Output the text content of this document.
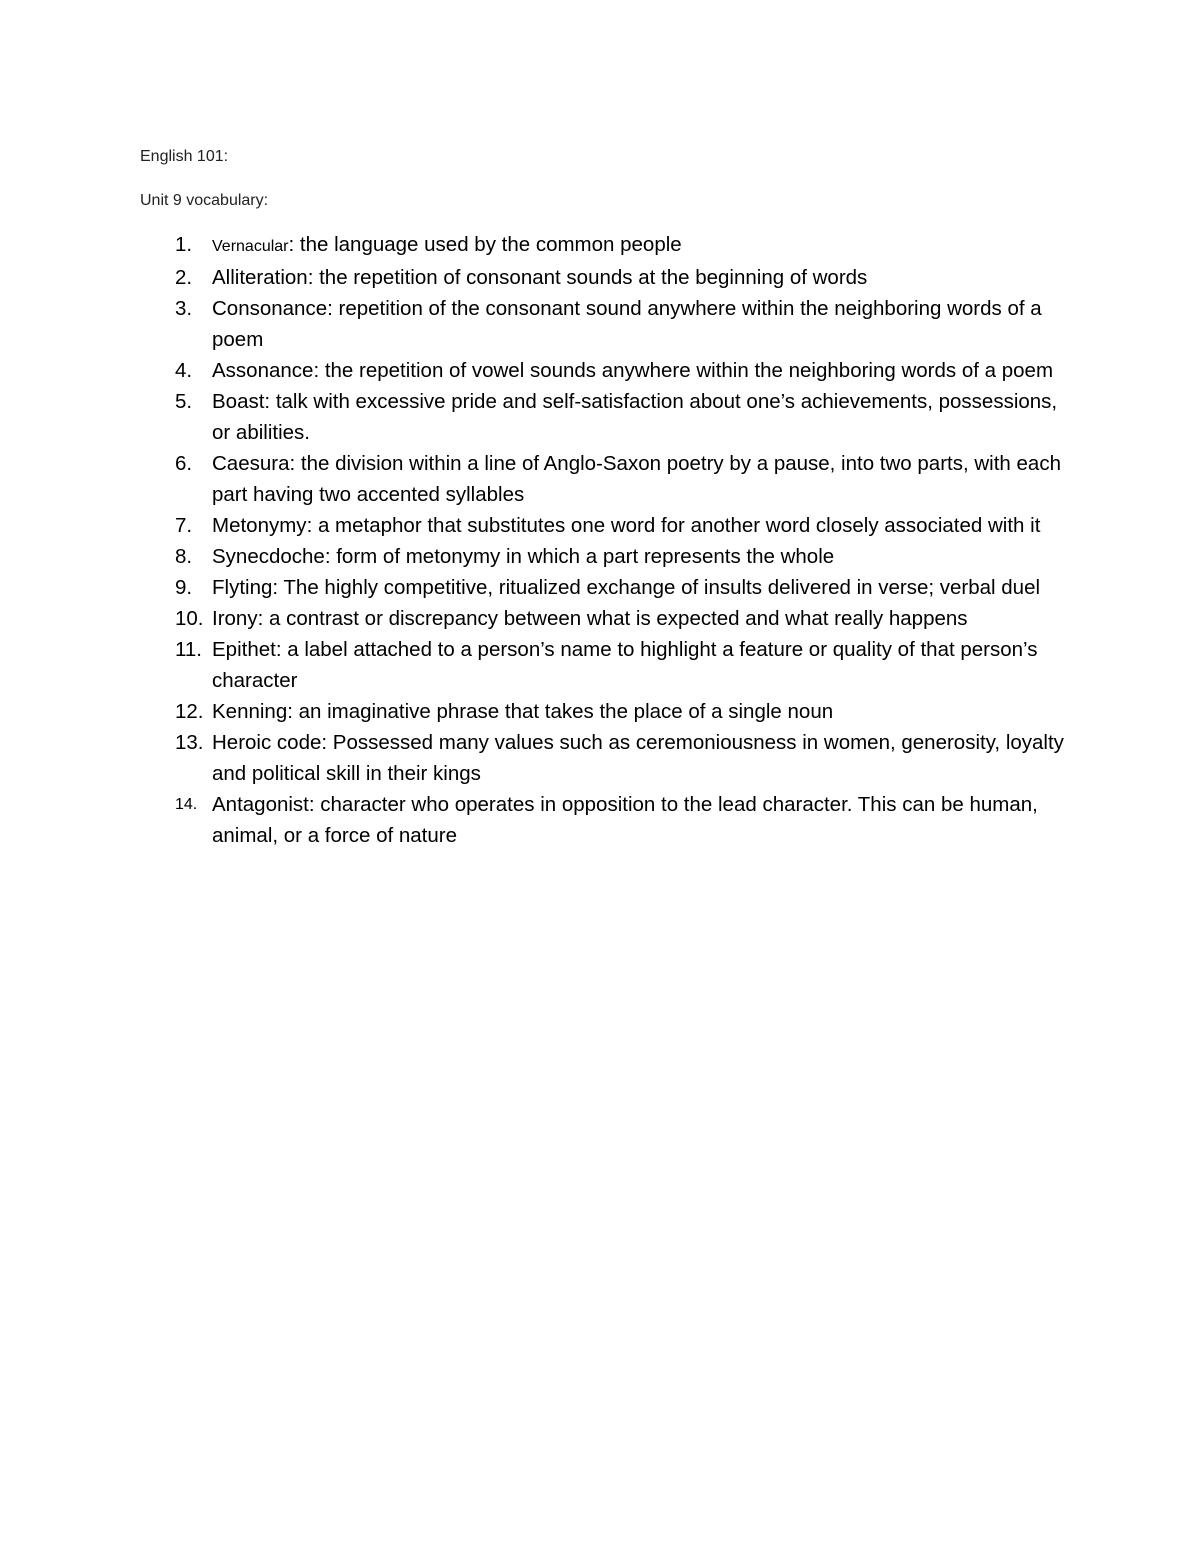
English 101:
Unit 9 vocabulary:
1.	Vernacular: the language used by the common people
2. Alliteration: the repetition of consonant sounds at the beginning of words
3. Consonance: repetition of the consonant sound anywhere within the neighboring words of a poem
4. Assonance: the repetition of vowel sounds anywhere within the neighboring words of a poem
5. Boast: talk with excessive pride and self-satisfaction about one’s achievements, possessions, or abilities.
6. Caesura: the division within a line of Anglo-Saxon poetry by a pause, into two parts, with each part having two accented syllables
7. Metonymy: a metaphor that substitutes one word for another word closely associated with it
8. Synecdoche: form of metonymy in which a part represents the whole
9. Flyting: The highly competitive, ritualized exchange of insults delivered in verse; verbal duel
10. Irony: a contrast or discrepancy between what is expected and what really happens
11. Epithet: a label attached to a person’s name to highlight a feature or quality of that person’s character
12. Kenning: an imaginative phrase that takes the place of a single noun
13. Heroic code: Possessed many values such as ceremoniousness in women, generosity, loyalty and political skill in their kings
14. Antagonist: character who operates in opposition to the lead character. This can be human, animal, or a force of nature
